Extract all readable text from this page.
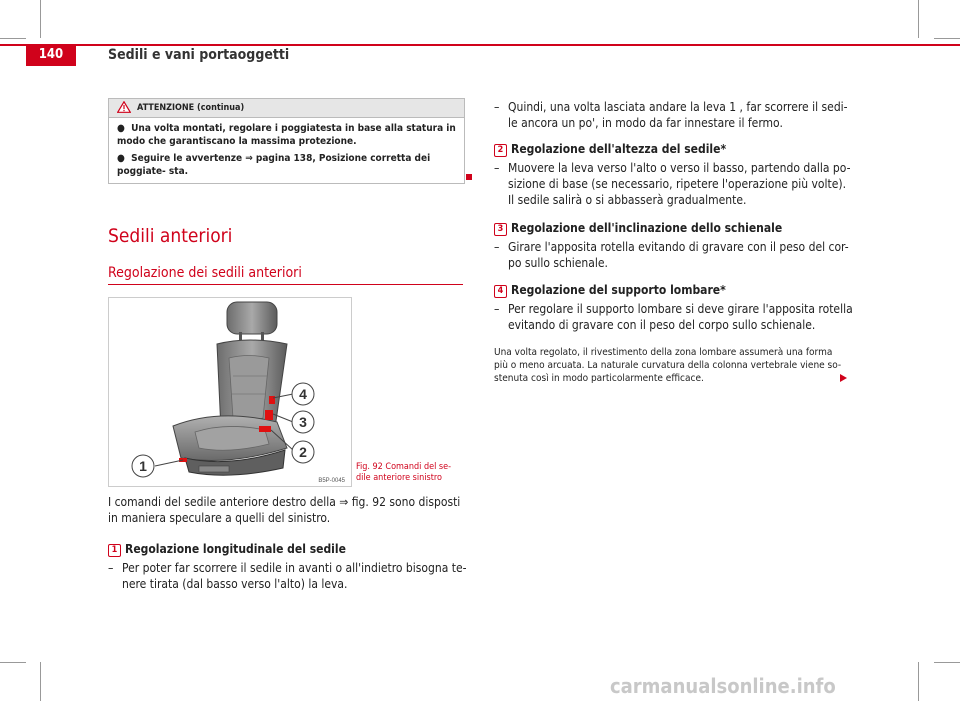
140	Sedili e vani portaoggetti
ATTENZIONE (continua)
●  Una volta montati, regolare i poggiatesta in base alla statura in modo che garantiscano la massima protezione.
●  Seguire le avvertenze ⇒ pagina 138, Posizione corretta dei poggiate- sta.
Sedili anteriori
Regolazione dei sedili anteriori
4
3
2
1
B5P-0045
Fig. 92 Comandi del se-
dile anteriore sinistro
I comandi del sedile anteriore destro della ⇒ fig. 92 sono disposti
in maniera speculare a quelli del sinistro.
1 Regolazione longitudinale del sedile
– Per poter far scorrere il sedile in avanti o all'indietro bisogna te-
nere tirata (dal basso verso l'alto) la leva.
– Quindi, una volta lasciata andare la leva 1 , far scorrere il sedi-
le ancora un po', in modo da far innestare il fermo.
2 Regolazione dell'altezza del sedile*
– Muovere la leva verso l'alto o verso il basso, partendo dalla po-
sizione di base (se necessario, ripetere l'operazione più volte).
Il sedile salirà o si abbasserà gradualmente.
3 Regolazione dell'inclinazione dello schienale
– Girare l'apposita rotella evitando di gravare con il peso del cor-
po sullo schienale.
4 Regolazione del supporto lombare*
– Per regolare il supporto lombare si deve girare l'apposita rotella
evitando di gravare con il peso del corpo sullo schienale.
Una volta regolato, il rivestimento della zona lombare assumerà una forma
più o meno arcuata. La naturale curvatura della colonna vertebrale viene so-
stenuta così in modo particolarmente efficace.
carmanualsonline.info
